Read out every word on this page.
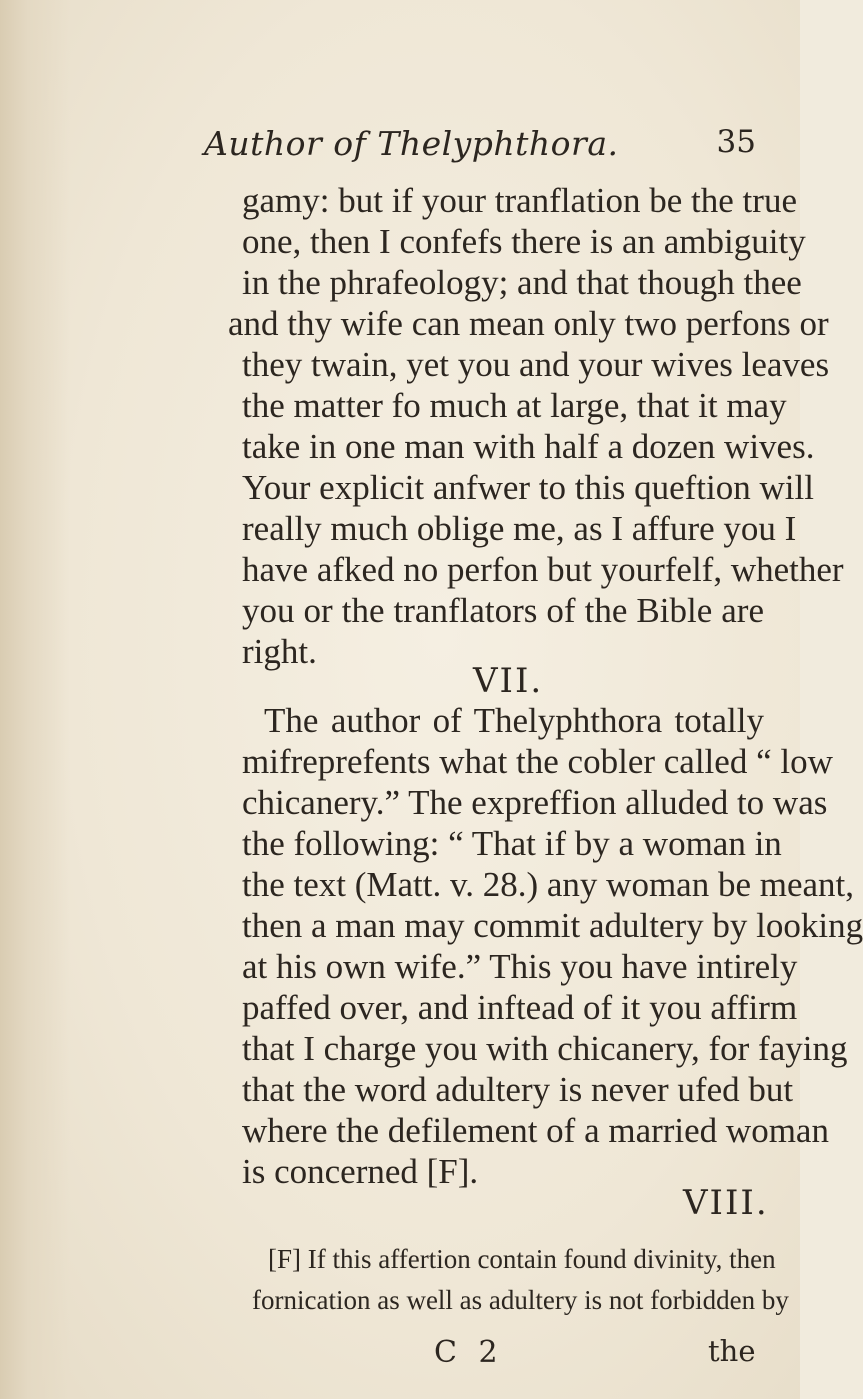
Author of Thelyphthora.	35
gamy: but if your tranflation be the true
one, then I confefs there is an ambiguity
in the phrafeology; and that though thee
and thy wife can mean only two perfons or
they twain, yet you and your wives leaves
the matter fo much at large, that it may
take in one man with half a dozen wives.
Your explicit anfwer to this queftion will
really much oblige me, as I affure you I
have afked no perfon but yourfelf, whether
you or the tranflators of the Bible are
right.
VII.
The author of Thelyphthora totally
mifreprefents what the cobler called “ low
chicanery.” The expreffion alluded to was
the following: “ That if by a woman in
the text (Matt. v. 28.) any woman be meant,
then a man may commit adultery by looking
at his own wife.” This you have intirely
paffed over, and inftead of it you affirm
that I charge you with chicanery, for faying
that the word adultery is never ufed but
where the defilement of a married woman
is concerned [F].
VIII.
[F] If this affertion contain found divinity, then
fornication as well as adultery is not forbidden by
C 2	the
